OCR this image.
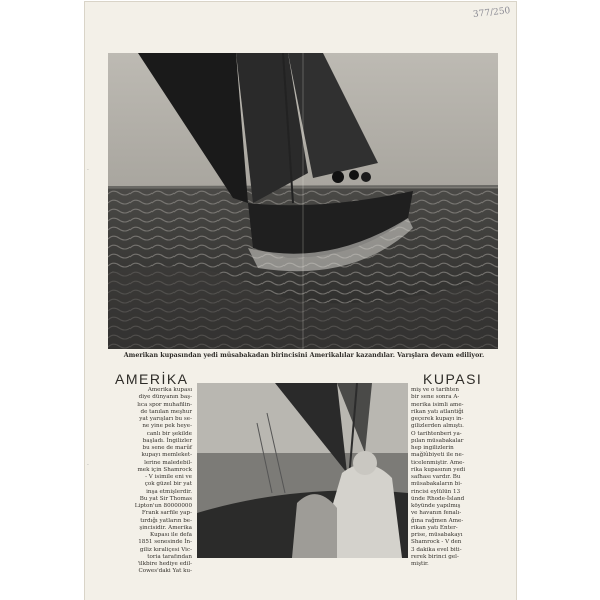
377/250
Amerikan kupasından yedi müsabakadan birincisini Amerikalılar kazandılar. Varışlara devam ediliyor.
AMERİKA	KUPASI
Amerika kupası
diye dünyanın baş-
lıca spor muhafilin-
de tanılan meşhur
yat yarışları bu se-
ne yine pek heye-
canlı bir şekilde
başladı. İngilizler
bu sene de marûf
kupayı memleket-
lerine maledebil-
mek için Shamrock
- V isimile eni ve
çok güzel bir yat
inşa etmişlerdir.
Bu yat Sir Thomas
Lipton'un 80000000
Frank sarfile yap-
tırdığı yatların be-
şincisidir. Amerika
Kupası ile defa
1851 senesinde İn-
giliz kıraliçesi Vic-
toria tarafından
'ilkbire hediye edil-
Cowes'daki Yat ku-
miş ve o tarihten
bir sene sonra A-
merika isimli ame-
rikan yatı atlantiği
geçerek kupayı in-
gilizlerden almıştı.
O tarihtenberi ya-
pılan müsabakalar
hep ingilizlerin
mağlûbiyeti ile ne-
ticelenmiştir. Ame-
rika kupasının yedi
safhası vardır. Bu
müsabakaların bi-
rincisi eylülün 13
ünde Rhode-İsland
köyünde yapılmış
ve havanın fenalı-
ğına rağmen Ame-
rikan yatı Enter-
prise, müsabakayı
Shamrock - V den
3 dakika evel biti-
rerek birinci gel-
miştir.
·
·
